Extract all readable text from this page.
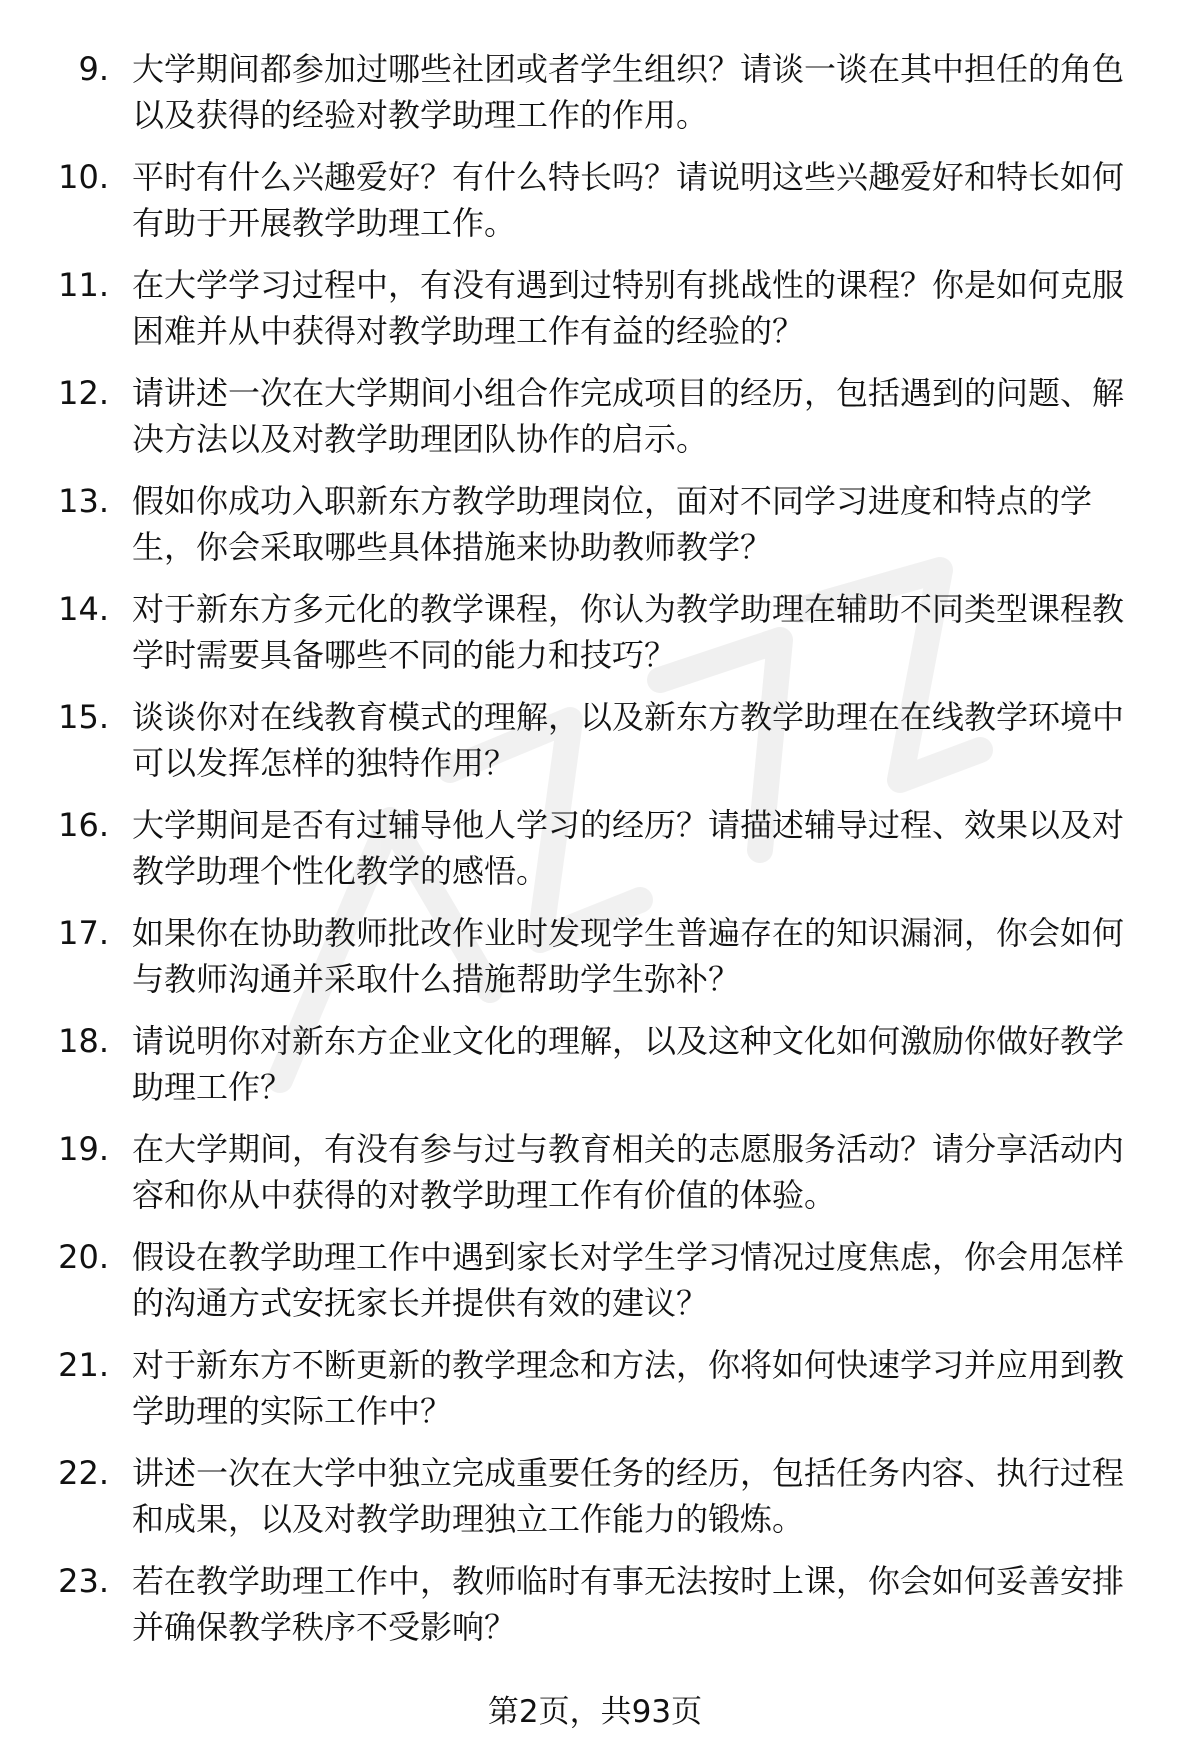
9. 大学期间都参加过哪些社团或者学生组织？请谈一谈在其中担任的角色以及获得的经验对教学助理工作的作用。
10. 平时有什么兴趣爱好？有什么特长吗？请说明这些兴趣爱好和特长如何有助于开展教学助理工作。
11. 在大学学习过程中，有没有遇到过特别有挑战性的课程？你是如何克服困难并从中获得对教学助理工作有益的经验的？
12. 请讲述一次在大学期间小组合作完成项目的经历，包括遇到的问题、解决方法以及对教学助理团队协作的启示。
13. 假如你成功入职新东方教学助理岗位，面对不同学习进度和特点的学生，你会采取哪些具体措施来协助教师教学？
14. 对于新东方多元化的教学课程，你认为教学助理在辅助不同类型课程教学时需要具备哪些不同的能力和技巧？
15. 谈谈你对在线教育模式的理解，以及新东方教学助理在在线教学环境中可以发挥怎样的独特作用？
16. 大学期间是否有过辅导他人学习的经历？请描述辅导过程、效果以及对教学助理个性化教学的感悟。
17. 如果你在协助教师批改作业时发现学生普遍存在的知识漏洞，你会如何与教师沟通并采取什么措施帮助学生弥补？
18. 请说明你对新东方企业文化的理解，以及这种文化如何激励你做好教学助理工作？
19. 在大学期间，有没有参与过与教育相关的志愿服务活动？请分享活动内容和你从中获得的对教学助理工作有价值的体验。
20. 假设在教学助理工作中遇到家长对学生学习情况过度焦虑，你会用怎样的沟通方式安抚家长并提供有效的建议？
21. 对于新东方不断更新的教学理念和方法，你将如何快速学习并应用到教学助理的实际工作中？
22. 讲述一次在大学中独立完成重要任务的经历，包括任务内容、执行过程和成果，以及对教学助理独立工作能力的锻炼。
23. 若在教学助理工作中，教师临时有事无法按时上课，你会如何妥善安排并确保教学秩序不受影响？
第2页，共93页
